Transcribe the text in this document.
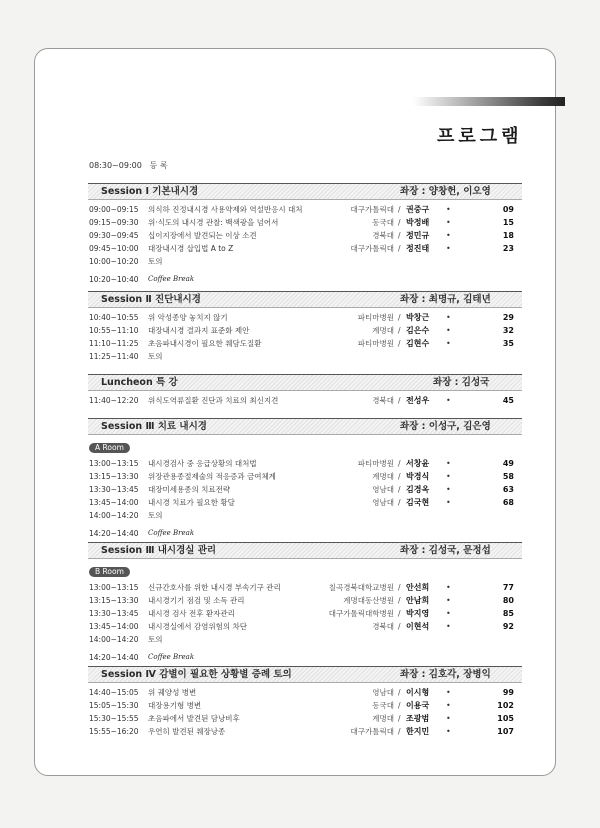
프로그램
08:30~09:00 등 록
Session Ⅰ 기본내시경	좌장 : 양창헌, 이오영
09:00~09:15 의식하 진정내시경 사용약제와 역설반응시 대처	대구가톨릭대 / 권중구 •	09
09:15~09:30 위·식도의 내시경 관찰: 백색광을 넘어서	동국대 / 박정배 •	15
09:30~09:45 십이지장에서 발견되는 이상 소견	경북대 / 정민규 •	18
09:45~10:00 대장내시경 삽입법 A to Z	대구가톨릭대 / 정진태 •	23
10:00~10:20 토의
10:20~10:40 Coffee Break
Session Ⅱ 진단내시경	좌장 : 최명규, 김태년
10:40~10:55 위 악성종양 놓치지 않기	파티마병원 / 박창근 •	29
10:55~11:10 대장내시경 결과지 표준화 제안	계명대 / 김은수 •	32
11:10~11:25 초음파내시경이 필요한 췌담도질환	파티마병원 / 김현수 •	35
11:25~11:40 토의
Luncheon 특 강	좌장 : 김성국
11:40~12:20 위식도역류질환 진단과 치료의 최신지견	경북대 / 전성우 •	45
Session Ⅲ 치료 내시경	좌장 : 이성구, 김은영
A Room
13:00~13:15 내시경검사 중 응급상황의 대처법	파티마병원 / 서창윤 •	49
13:15~13:30 위장관용종절제술의 적응증과 금여체계	계명대 / 박경식 •	58
13:30~13:45 대장미세용종의 치료전략	영남대 / 김경옥 •	63
13:45~14:00 내시경 치료가 필요한 황달	영남대 / 김국현 •	68
14:00~14:20 토의
14:20~14:40 Coffee Break
Session Ⅲ 내시경실 관리	좌장 : 김성국, 문정섭
B Room
13:00~13:15 신규간호사를 위한 내시경 부속기구 관리	칠곡경북대학교병원 / 안선희 •	77
13:15~13:30 내시경기기 점검 및 소독 관리	계명대동산병원 / 안남희 •	80
13:30~13:45 내시경 검사 전후 환자관리	대구가톨릭대학병원 / 박지영 •	85
13:45~14:00 내시경실에서 감염위험의 차단	경북대 / 이현석 •	92
14:00~14:20 토의
14:20~14:40 Coffee Break
Session Ⅳ 감별이 필요한 상황별 증례 토의	좌장 : 김호각, 장병익
14:40~15:05 위 궤양성 병변	영남대 / 이시형 •	99
15:05~15:30 대장용기형 병변	동국대 / 이용국 •	102
15:30~15:55 초음파에서 발견된 담낭비후	계명대 / 조광범 •	105
15:55~16:20 우연히 발견된 췌장낭종	대구가톨릭대 / 한지민 •	107
